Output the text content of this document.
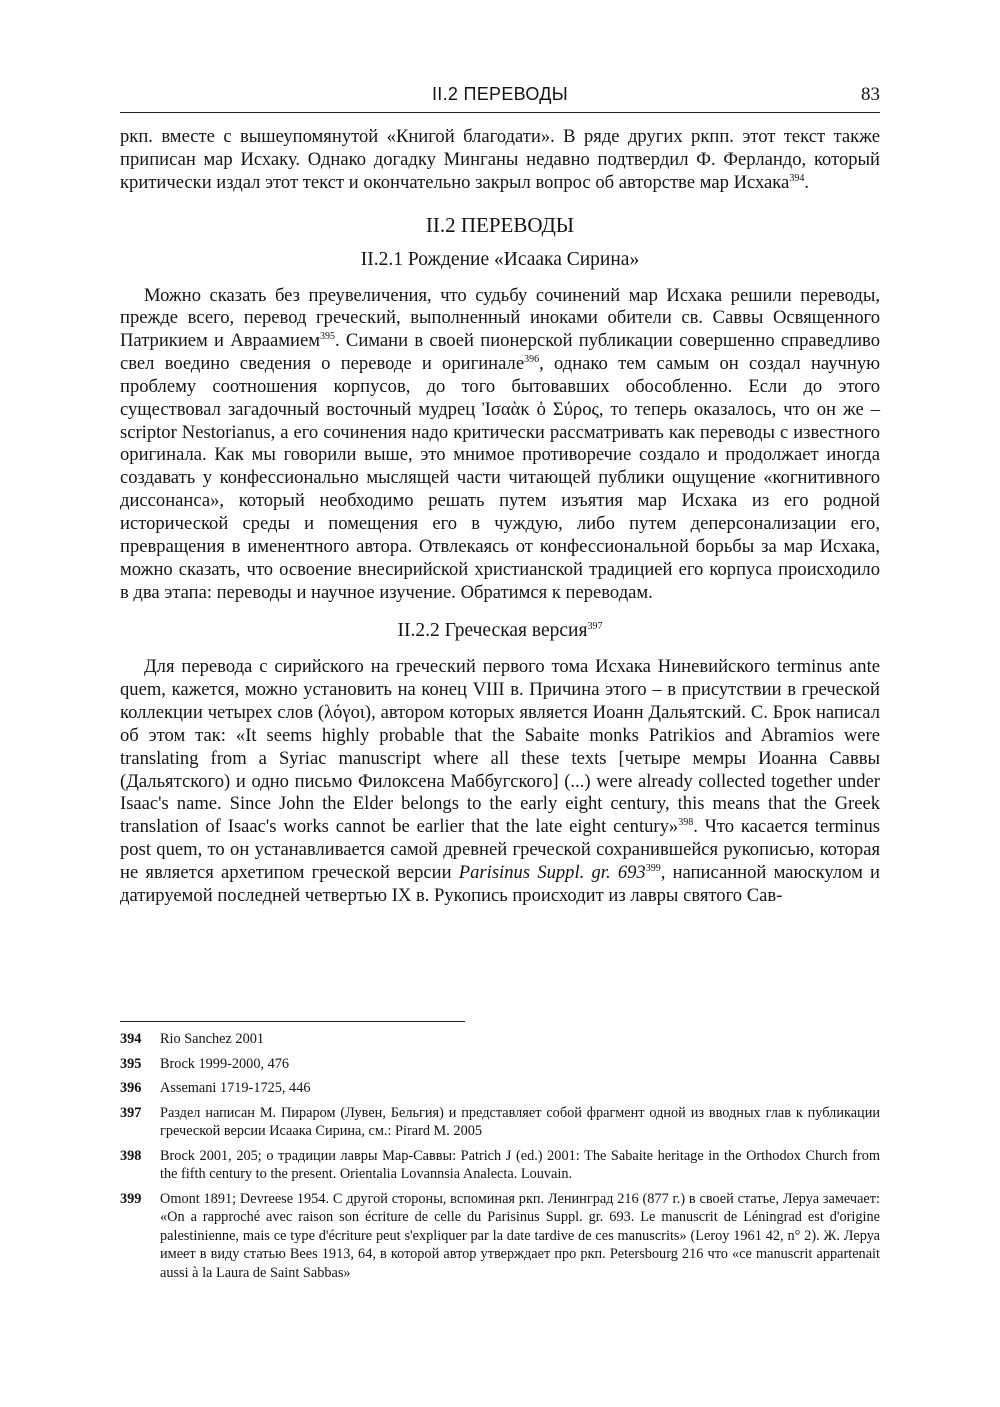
II.2 ПЕРЕВОДЫ	83

ркп. вместе с вышеупомянутой «Книгой благодати». В ряде других ркпп. этот текст также приписан мар Исхаку. Однако догадку Минганы недавно подтвердил Ф. Ферландо, который критически издал этот текст и окончательно закрыл вопрос об авторстве мар Исхака$^{394}$.

II.2 ПЕРЕВОДЫ
II.2.1 Рождение «Исаака Сирина»

Можно сказать без преувеличения, что судьбу сочинений мар Исхака решили переводы, прежде всего, перевод греческий, выполненный иноками обители св. Саввы Освященного Патрикием и Авраамием$^{395}$. Симани в своей пионерской публикации совершенно справедливо свел воедино сведения о переводе и оригинале$^{396}$, однако тем самым он создал научную проблему соотношения корпусов, до того бытовавших обособленно. Если до этого существовал загадочный восточный мудрец Ἰσαὰκ ὁ Σύρος, то теперь оказалось, что он же – scriptor Nestorianus, а его сочинения надо критически рассматривать как переводы с известного оригинала. Как мы говорили выше, это мнимое противоречие создало и продолжает иногда создавать у конфессионально мыслящей части читающей публики ощущение «когнитивного диссонанса», который необходимо решать путем изъятия мар Исхака из его родной исторической среды и помещения его в чуждую, либо путем деперсонализации его, превращения в именентного автора. Отвлекаясь от конфессиональной борьбы за мар Исхака, можно сказать, что освоение внесирийской христианской традицией его корпуса происходило в два этапа: переводы и научное изучение. Обратимся к переводам.

II.2.2 Греческая версия$^{397}$

Для перевода с сирийского на греческий первого тома Исхака Ниневийского terminus ante quem, кажется, можно установить на конец VIII в. Причина этого – в присутствии в греческой коллекции четырех слов (λόγοι), автором которых является Иоанн Дальятский. С. Брок написал об этом так: «It seems highly probable that the Sabaite monks Patrikios and Abramios were translating from a Syriac manuscript where all these texts [четыре мемры Иоанна Саввы (Дальятского) и одно письмо Филоксена Маббугского] (...) were already collected together under Isaac's name. Since John the Elder belongs to the early eight century, this means that the Greek translation of Isaac's works cannot be earlier that the late eight century»$^{398}$. Что касается terminus post quem, то он устанавливается самой древней греческой сохранившейся рукописью, которая не является архетипом греческой версии Parisinus Suppl. gr. $693^{399}$, написанной маюскулом и датируемой последней четвертью IX в. Рукопись происходит из лавры святого Сав-

394	Rio Sanchez 2001
395	Brock 1999-2000, 476
396	Assemani 1719-1725, 446
397	Раздел написан М. Пираром (Лувен, Бельгия) и представляет собой фрагмент одной из вводных глав к публикации греческой версии Исаака Сирина, см.: Pirard M. 2005
398	Brock 2001, 205; о традиции лавры Мар-Саввы: Patrich J (ed.) 2001: The Sabaite heritage in the Orthodox Church from the fifth century to the present. Orientalia Lovannsia Analecta. Louvain.
399	Omont 1891; Devreese 1954. С другой стороны, вспоминая ркп. Ленинград 216 (877 г.) в своей статье, Леруа замечает: «On a rapproché avec raison son écriture de celle du Parisinus Suppl. gr. 693. Le manuscrit de Léningrad est d'origine palestinienne, mais ce type d'écriture peut s'expliquer par la date tardive de ces manuscrits» (Leroy 1961 42, n° 2). Ж. Леруа имеет в виду статью Bees 1913, 64, в которой автор утверждает про ркп. Petersbourg 216 что «ce manuscrit appartenait aussi à la Laura de Saint Sabbas»
